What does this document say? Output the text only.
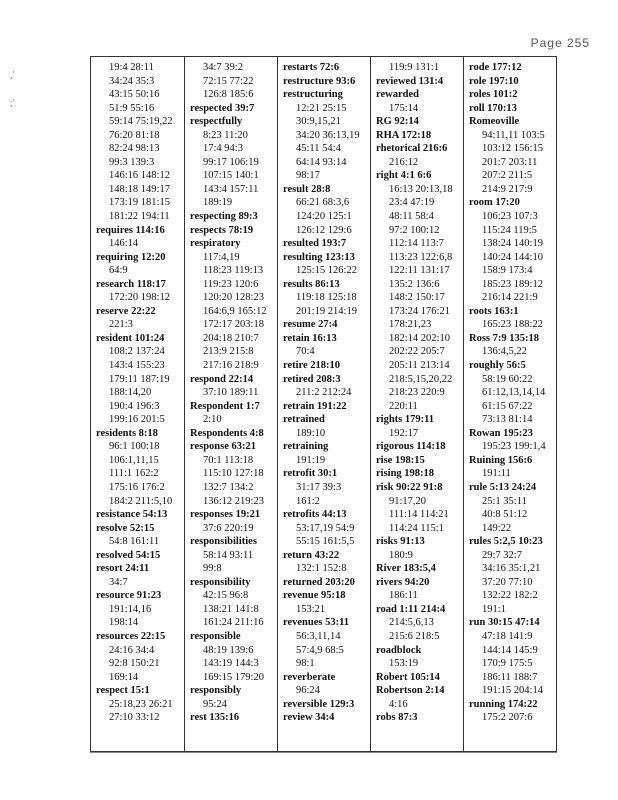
Page 255
,'
;'
19:4 28:11
34:24 35:3
43:15 50:16
51:9 55:16
59:14 75:19,22
76:20 81:18
82:24 98:13
99:3 139:3
146:16 148:12
148:18 149:17
173:19 181:15
181:22 194:11
requires 114:16
146:14
requiring 12:20
64:9
research 118:17
172:20 198:12
reserve 22:22
221:3
resident 101:24
108:2 137:24
143:4 155:23
179:11 187:19
188:14,20
190:4 196:3
199:16 201:5
residents 8:18
96:1 100:18
106:1,11,15
111:1 162:2
175:16 176:2
184:2 211:5,10
resistance 54:13
resolve 52:15
54:8 161:11
resolved 54:15
resort 24:11
34:7
resource 91:23
191:14,16
198:14
resources 22:15
24:16 34:4
92:8 150:21
169:14
respect 15:1
25:18,23 26:21
27:10 33:12
34:7 39:2
72:15 77:22
126:8 185:6
respected 39:7
respectfully
8:23 11:20
17:4 94:3
99:17 106:19
107:15 140:1
143:4 157:11
189:19
respecting 89:3
respects 78:19
respiratory
117:4,19
118:23 119:13
119:23 120:6
120:20 128:23
164:6,9 165:12
172:17 203:18
204:18 210:7
213:9 215:8
217:16 218:9
respond 22:14
37:10 189:11
Respondent 1:7
2:10
Respondents 4:8
response 63:21
70:1 113:18
115:10 127:18
132:7 134:2
136:12 219:23
responses 19:21
37:6 220:19
responsibilities
58:14 93:11
99:8
responsibility
42:15 96:8
138:21 141:8
161:24 211:16
responsible
48:19 139:6
143:19 144:3
169:15 179:20
responsibly
95:24
rest 135:16
restarts 72:6
restructure 93:6
restructuring
12:21 25:15
30:9,15,21
34:20 36:13,19
45:11 54:4
64:14 93:14
98:17
result 28:8
66:21 68:3,6
124:20 125:1
126:12 129:6
resulted 193:7
resulting 123:13
125:15 126:22
results 86:13
119:18 125:18
201:19 214:19
resume 27:4
retain 16:13
70:4
retire 218:10
retired 208:3
211:2 212:24
retrain 191:22
retrained
189:10
retraining
191:19
retrofit 30:1
31:17 39:3
161:2
retrofits 44:13
53:17,19 54:9
55:15 161:5,5
return 43:22
132:1 152:8
returned 203:20
revenue 95:18
153:21
revenues 53:11
56:3,11,14
57:4,9 68:5
98:1
reverberate
96:24
reversible 129:3
review 34:4
119:9 131:1
reviewed 131:4
rewarded
175:14
RG 92:14
RHA 172:18
rhetorical 216:6
216:12
right 4:1 6:6
16:13 20:13,18
23:4 47:19
48:11 58:4
97:2 100:12
112:14 113:7
113:23 122:6,8
122:11 131:17
135:2 136:6
148:2 150:17
173:24 176:21
178:21,23
182:14 202:10
202:22 205:7
205:11 213:14
218:5,15,20,22
218:23 220:9
220:11
rights 179:11
192:17
rigorous 114:18
rise 198:15
rising 198:18
risk 90:22 91:8
91:17,20
111:14 114:21
114:24 115:1
risks 91:13
180:9
River 183:5,4
rivers 94:20
186:11
road 1:11 214:4
214:5,6,13
215:6 218:5
roadblock
153:19
Robert 105:14
Robertson 2:14
4:16
robs 87:3
rode 177:12
role 197:10
roles 101:2
roll 170:13
Romeoville
94:11,11 103:5
103:12 156:15
201:7 203:11
207:2 211:5
214:9 217:9
room 17:20
106:23 107:3
115:24 119:5
138:24 140:19
140:24 144:10
158:9 173:4
185:23 189:12
216:14 221:9
roots 163:1
165:23 188:22
Ross 7:9 135:18
136:4,5,22
roughly 56:5
58:19 60:22
61:12,13,14,14
61:15 67:22
73:13 81:14
Rowan 195:23
195:23 199:1,4
Ruining 156:6
191:11
rule 5:13 24:24
25:1 35:11
40:8 51:12
149:22
rules 5:2,5 10:23
29:7 32:7
34:16 35:1,21
37:20 77:10
132:22 182:2
191:1
run 30:15 47:14
47:18 141:9
144:14 145:9
170:9 175:5
186:11 188:7
191:15 204:14
running 174:22
175:2 207:6
